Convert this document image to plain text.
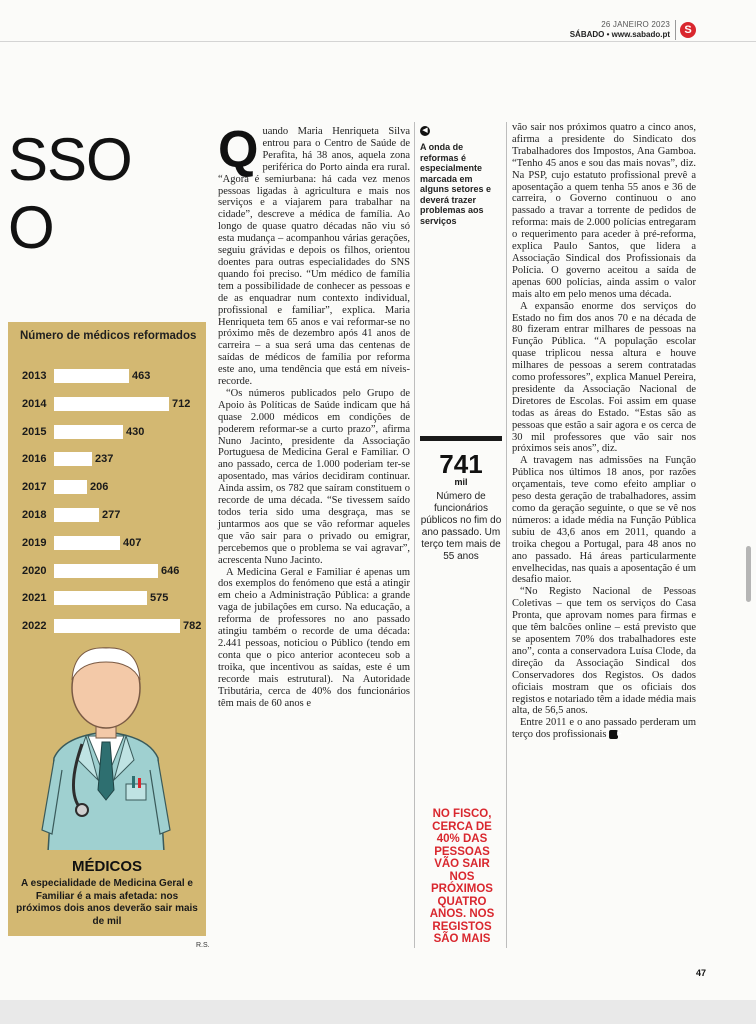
26 JANEIRO 2023
SÁBADO • www.sabado.pt	S
SSO
O
Número de médicos reformados
2013	463
2014	712
2015	430
2016	237
2017	206
2018	277
2019	407
2020	646
2021	575
2022	782
MÉDICOS
A especialidade de Medicina Geral e Familiar é a mais afetada: nos próximos dois anos deverão sair mais de mil
R.S.

Quando Maria Henriqueta Silva entrou para o Centro de Saúde de Perafita, há 38 anos, aquela zona periférica do Porto ainda era rural. “Agora é semiurbana: há cada vez menos pessoas ligadas à agricultura e mais nos serviços e a viajarem para trabalhar na cidade”, descreve a médica de família. Ao longo de quase quatro décadas não viu só esta mudança – acompanhou várias gerações, seguiu grávidas e depois os filhos, orientou doentes para outras especialidades do SNS quando foi preciso. “Um médico de família tem a possibilidade de conhecer as pessoas e de as enquadrar num contexto individual, profissional e familiar”, explica. Maria Henriqueta tem 65 anos e vai reformar-se no próximo mês de dezembro após 41 anos de carreira – a sua será uma das centenas de saídas de médicos de família por reforma este ano, uma tendência que está em níveis-recorde.

“Os números publicados pelo Grupo de Apoio às Políticas de Saúde indicam que há quase 2.000 médicos em condições de poderem reformar-se a curto prazo”, afirma Nuno Jacinto, presidente da Associação Portuguesa de Medicina Geral e Familiar. O ano passado, cerca de 1.000 poderiam ter-se aposentado, mas vários decidiram continuar. Ainda assim, os 782 que saíram constituem o recorde de uma década. “Se tivessem saído todos teria sido uma desgraça, mas se juntarmos aos que se vão reformar aqueles que vão sair para o privado ou emigrar, percebemos que o problema se vai agravar”, acrescenta Nuno Jacinto.

A Medicina Geral e Familiar é apenas um dos exemplos do fenómeno que está a atingir em cheio a Administração Pública: a grande vaga de jubilações em curso. Na educação, a reforma de professores no ano passado atingiu também o recorde de uma década: 2.441 pessoas, noticiou o Público (tendo em conta que o pico anterior aconteceu sob a troika, que incentivou as saídas, este é um recorde mais estrutural). Na Autoridade Tributária, cerca de 40% dos funcionários têm mais de 60 anos e

◀
A onda de reformas é especialmente marcada em alguns setores e deverá trazer problemas aos serviços
741
mil
Número de funcionários públicos no fim do ano passado. Um terço tem mais de 55 anos
NO FISCO, CERCA DE 40% DAS PESSOAS VÃO SAIR NOS PRÓXIMOS QUATRO ANOS. NOS REGISTOS SÃO MAIS

vão sair nos próximos quatro a cinco anos, afirma a presidente do Sindicato dos Trabalhadores dos Impostos, Ana Gamboa. “Tenho 45 anos e sou das mais novas”, diz. Na PSP, cujo estatuto profissional prevê a aposentação a quem tenha 55 anos e 36 de carreira, o Governo continuou o ano passado a travar a torrente de pedidos de reforma: mais de 2.000 polícias entregaram o requerimento para aceder à pré-reforma, explica Paulo Santos, que lidera a Associação Sindical dos Profissionais da Polícia. O governo aceitou a saída de apenas 600 polícias, ainda assim o valor mais alto em pelo menos uma década.

A expansão enorme dos serviços do Estado no fim dos anos 70 e na década de 80 fizeram entrar milhares de pessoas na Função Pública. “A população escolar quase triplicou nessa altura e houve milhares de pessoas a serem contratadas como professores”, explica Manuel Pereira, presidente da Associação Nacional de Diretores de Escolas. Foi assim em quase todas as áreas do Estado. “Estas são as pessoas que estão a sair agora e os cerca de 30 mil professores que vão sair nos próximos seis anos”, diz.

A travagem nas admissões na Função Pública nos últimos 18 anos, por razões orçamentais, teve como efeito ampliar o peso desta geração de trabalhadores, assim como da geração seguinte, o que se vê nos números: a idade média na Função Pública subiu de 43,6 anos em 2011, quando a troika chegou a Portugal, para 48 anos no ano passado. Há áreas particularmente envelhecidas, nas quais a aposentação é um desafio maior.

“No Registo Nacional de Pessoas Coletivas – que tem os serviços do Casa Pronta, que aprovam nomes para firmas e que têm balcões online – está previsto que se aposentem 70% dos trabalhadores este ano”, conta a conservadora Luísa Clode, da direção da Associação Sindical dos Conservadores dos Registos. Os dados oficiais mostram que os oficiais dos registos e notariado têm a idade média mais alta, de 56,5 anos.

Entre 2011 e o ano passado perderam um terço dos profissionais ▶

47
